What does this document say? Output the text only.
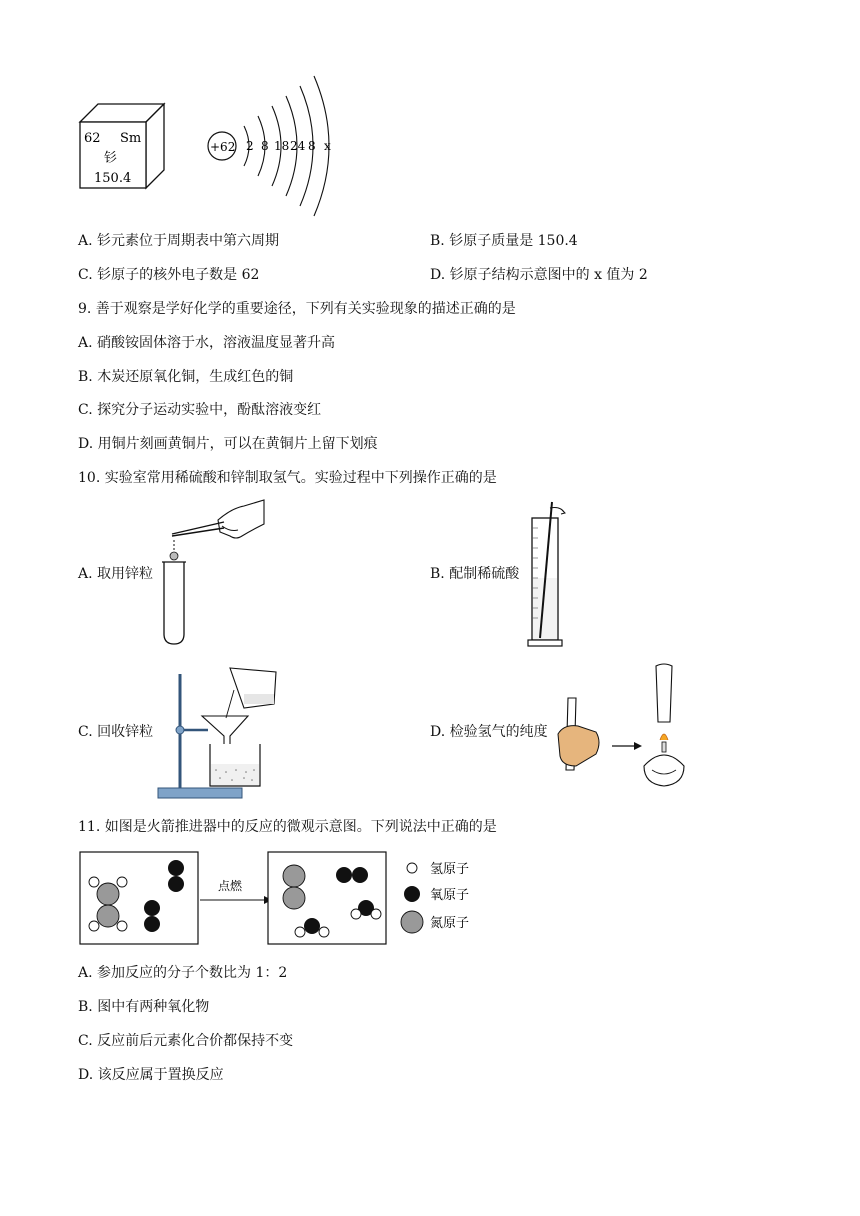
62 Sm
钐
150.4
+62 2 8 18 24 8 x
A. 钐元素位于周期表中第六周期	B. 钐原子质量是 150.4
C. 钐原子的核外电子数是 62	D. 钐原子结构示意图中的 x 值为 2
9. 善于观察是学好化学的重要途径，下列有关实验现象的描述正确的是
A. 硝酸铵固体溶于水，溶液温度显著升高
B. 木炭还原氧化铜，生成红色的铜
C. 探究分子运动实验中，酚酞溶液变红
D. 用铜片刻画黄铜片，可以在黄铜片上留下划痕
10. 实验室常用稀硫酸和锌制取氢气。实验过程中下列操作正确的是
A. 取用锌粒	B. 配制稀硫酸
C. 回收锌粒	D. 检验氢气的纯度
11. 如图是火箭推进器中的反应的微观示意图。下列说法中正确的是
点燃
氢原子
氧原子
氮原子
A. 参加反应的分子个数比为 1：2
B. 图中有两种氧化物
C. 反应前后元素化合价都保持不变
D. 该反应属于置换反应
